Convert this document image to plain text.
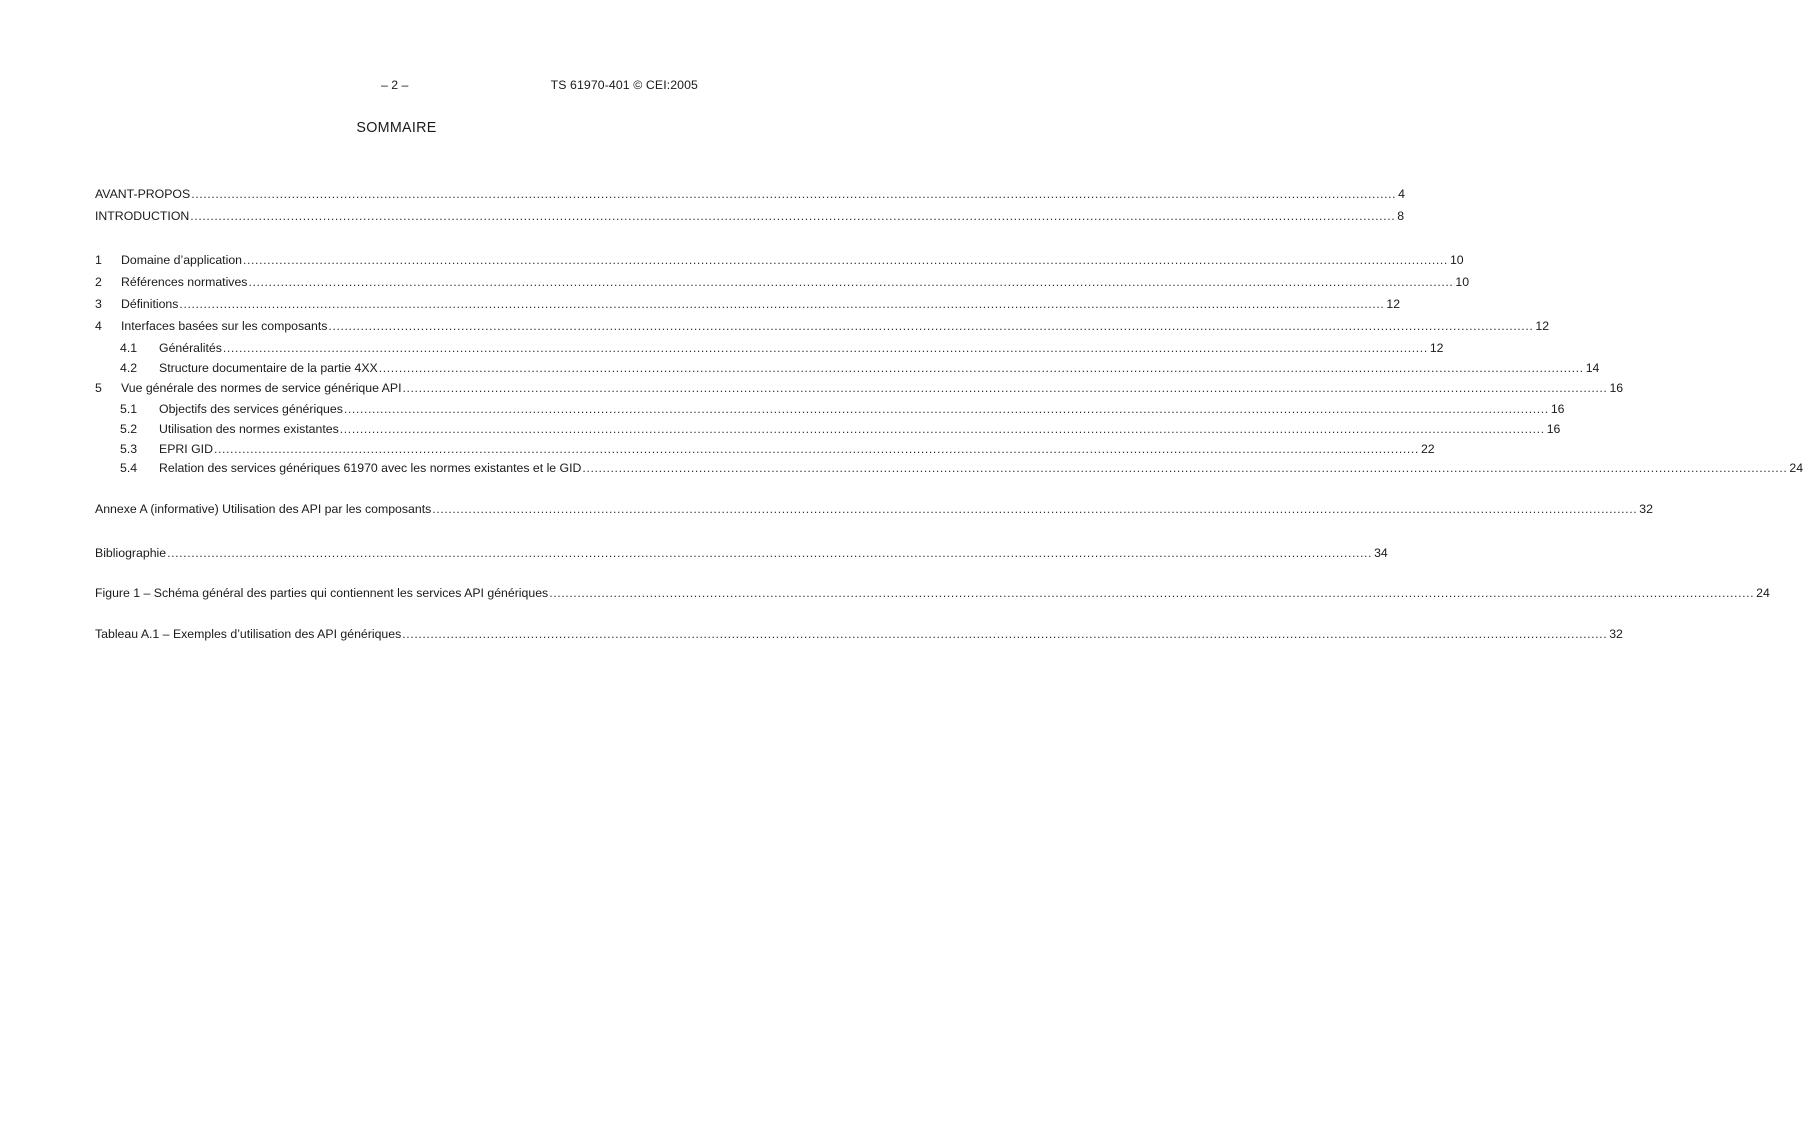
– 2 –	TS 61970-401 © CEI:2005
SOMMAIRE
AVANT-PROPOS ............................................................................................................................................................................................................................................................................................................ 4
INTRODUCTION ............................................................................................................................................................................................................................................................................................................ 8
1	Domaine d’application ............................................................................................................................................................................................................................................................................................................ 10
2	Références normatives ............................................................................................................................................................................................................................................................................................................ 10
3	Définitions ............................................................................................................................................................................................................................................................................................................ 12
4	Interfaces basées sur les composants ............................................................................................................................................................................................................................................................................................................ 12
4.1	Généralités ............................................................................................................................................................................................................................................................................................................ 12
4.2	Structure documentaire de la partie 4XX ............................................................................................................................................................................................................................................................................................................ 14
5	Vue générale des normes de service générique API ............................................................................................................................................................................................................................................................................................................ 16
5.1	Objectifs des services génériques ............................................................................................................................................................................................................................................................................................................ 16
5.2	Utilisation des normes existantes ............................................................................................................................................................................................................................................................................................................ 16
5.3	EPRI GID ............................................................................................................................................................................................................................................................................................................ 22
5.4	Relation des services génériques 61970 avec les normes existantes et le GID ............................................................................................................................................................................................................................................................................................................ 24
Annexe A (informative) Utilisation des API par les composants ............................................................................................................................................................................................................................................................................................................ 32
Bibliographie ............................................................................................................................................................................................................................................................................................................ 34
Figure 1 – Schéma général des parties qui contiennent les services API génériques ............................................................................................................................................................................................................................................................................................................ 24
Tableau A.1 – Exemples d’utilisation des API génériques ............................................................................................................................................................................................................................................................................................................ 32
